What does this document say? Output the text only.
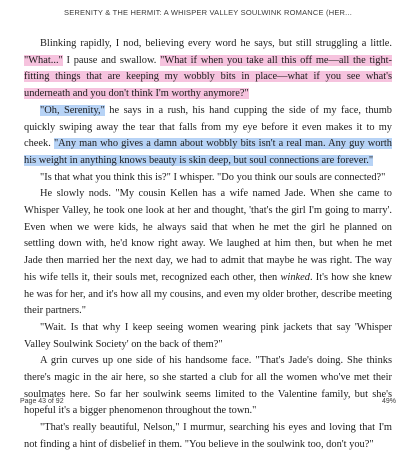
SERENITY & THE HERMIT: A WHISPER VALLEY SOULWINK ROMANCE (HER...

Blinking rapidly, I nod, believing every word he says, but still struggling a little. "What..." I pause and swallow. "What if when you take all this off me—all the tight-fitting things that are keeping my wobbly bits in place—what if you see what's underneath and you don't think I'm worthy anymore?"

"Oh, Serenity," he says in a rush, his hand cupping the side of my face, thumb quickly swiping away the tear that falls from my eye before it even makes it to my cheek. "Any man who gives a damn about wobbly bits isn't a real man. Any guy worth his weight in anything knows beauty is skin deep, but soul connections are forever."

"Is that what you think this is?" I whisper. "Do you think our souls are connected?"

He slowly nods. "My cousin Kellen has a wife named Jade. When she came to Whisper Valley, he took one look at her and thought, 'that's the girl I'm going to marry'. Even when we were kids, he always said that when he met the girl he planned on settling down with, he'd know right away. We laughed at him then, but when he met Jade then married her the next day, we had to admit that maybe he was right. The way his wife tells it, their souls met, recognized each other, then winked. It's how she knew he was for her, and it's how all my cousins, and even my older brother, describe meeting their partners."

"Wait. Is that why I keep seeing women wearing pink jackets that say 'Whisper Valley Soulwink Society' on the back of them?"

A grin curves up one side of his handsome face. "That's Jade's doing. She thinks there's magic in the air here, so she started a club for all the women who've met their soulmates here. So far her soulwink seems limited to the Valentine family, but she's hopeful it's a bigger phenomenon throughout the town."

"That's really beautiful, Nelson," I murmur, searching his eyes and loving that I'm not finding a hint of disbelief in them. "You believe in the soulwink too, don't you?"

Page 43 of 92	49%
